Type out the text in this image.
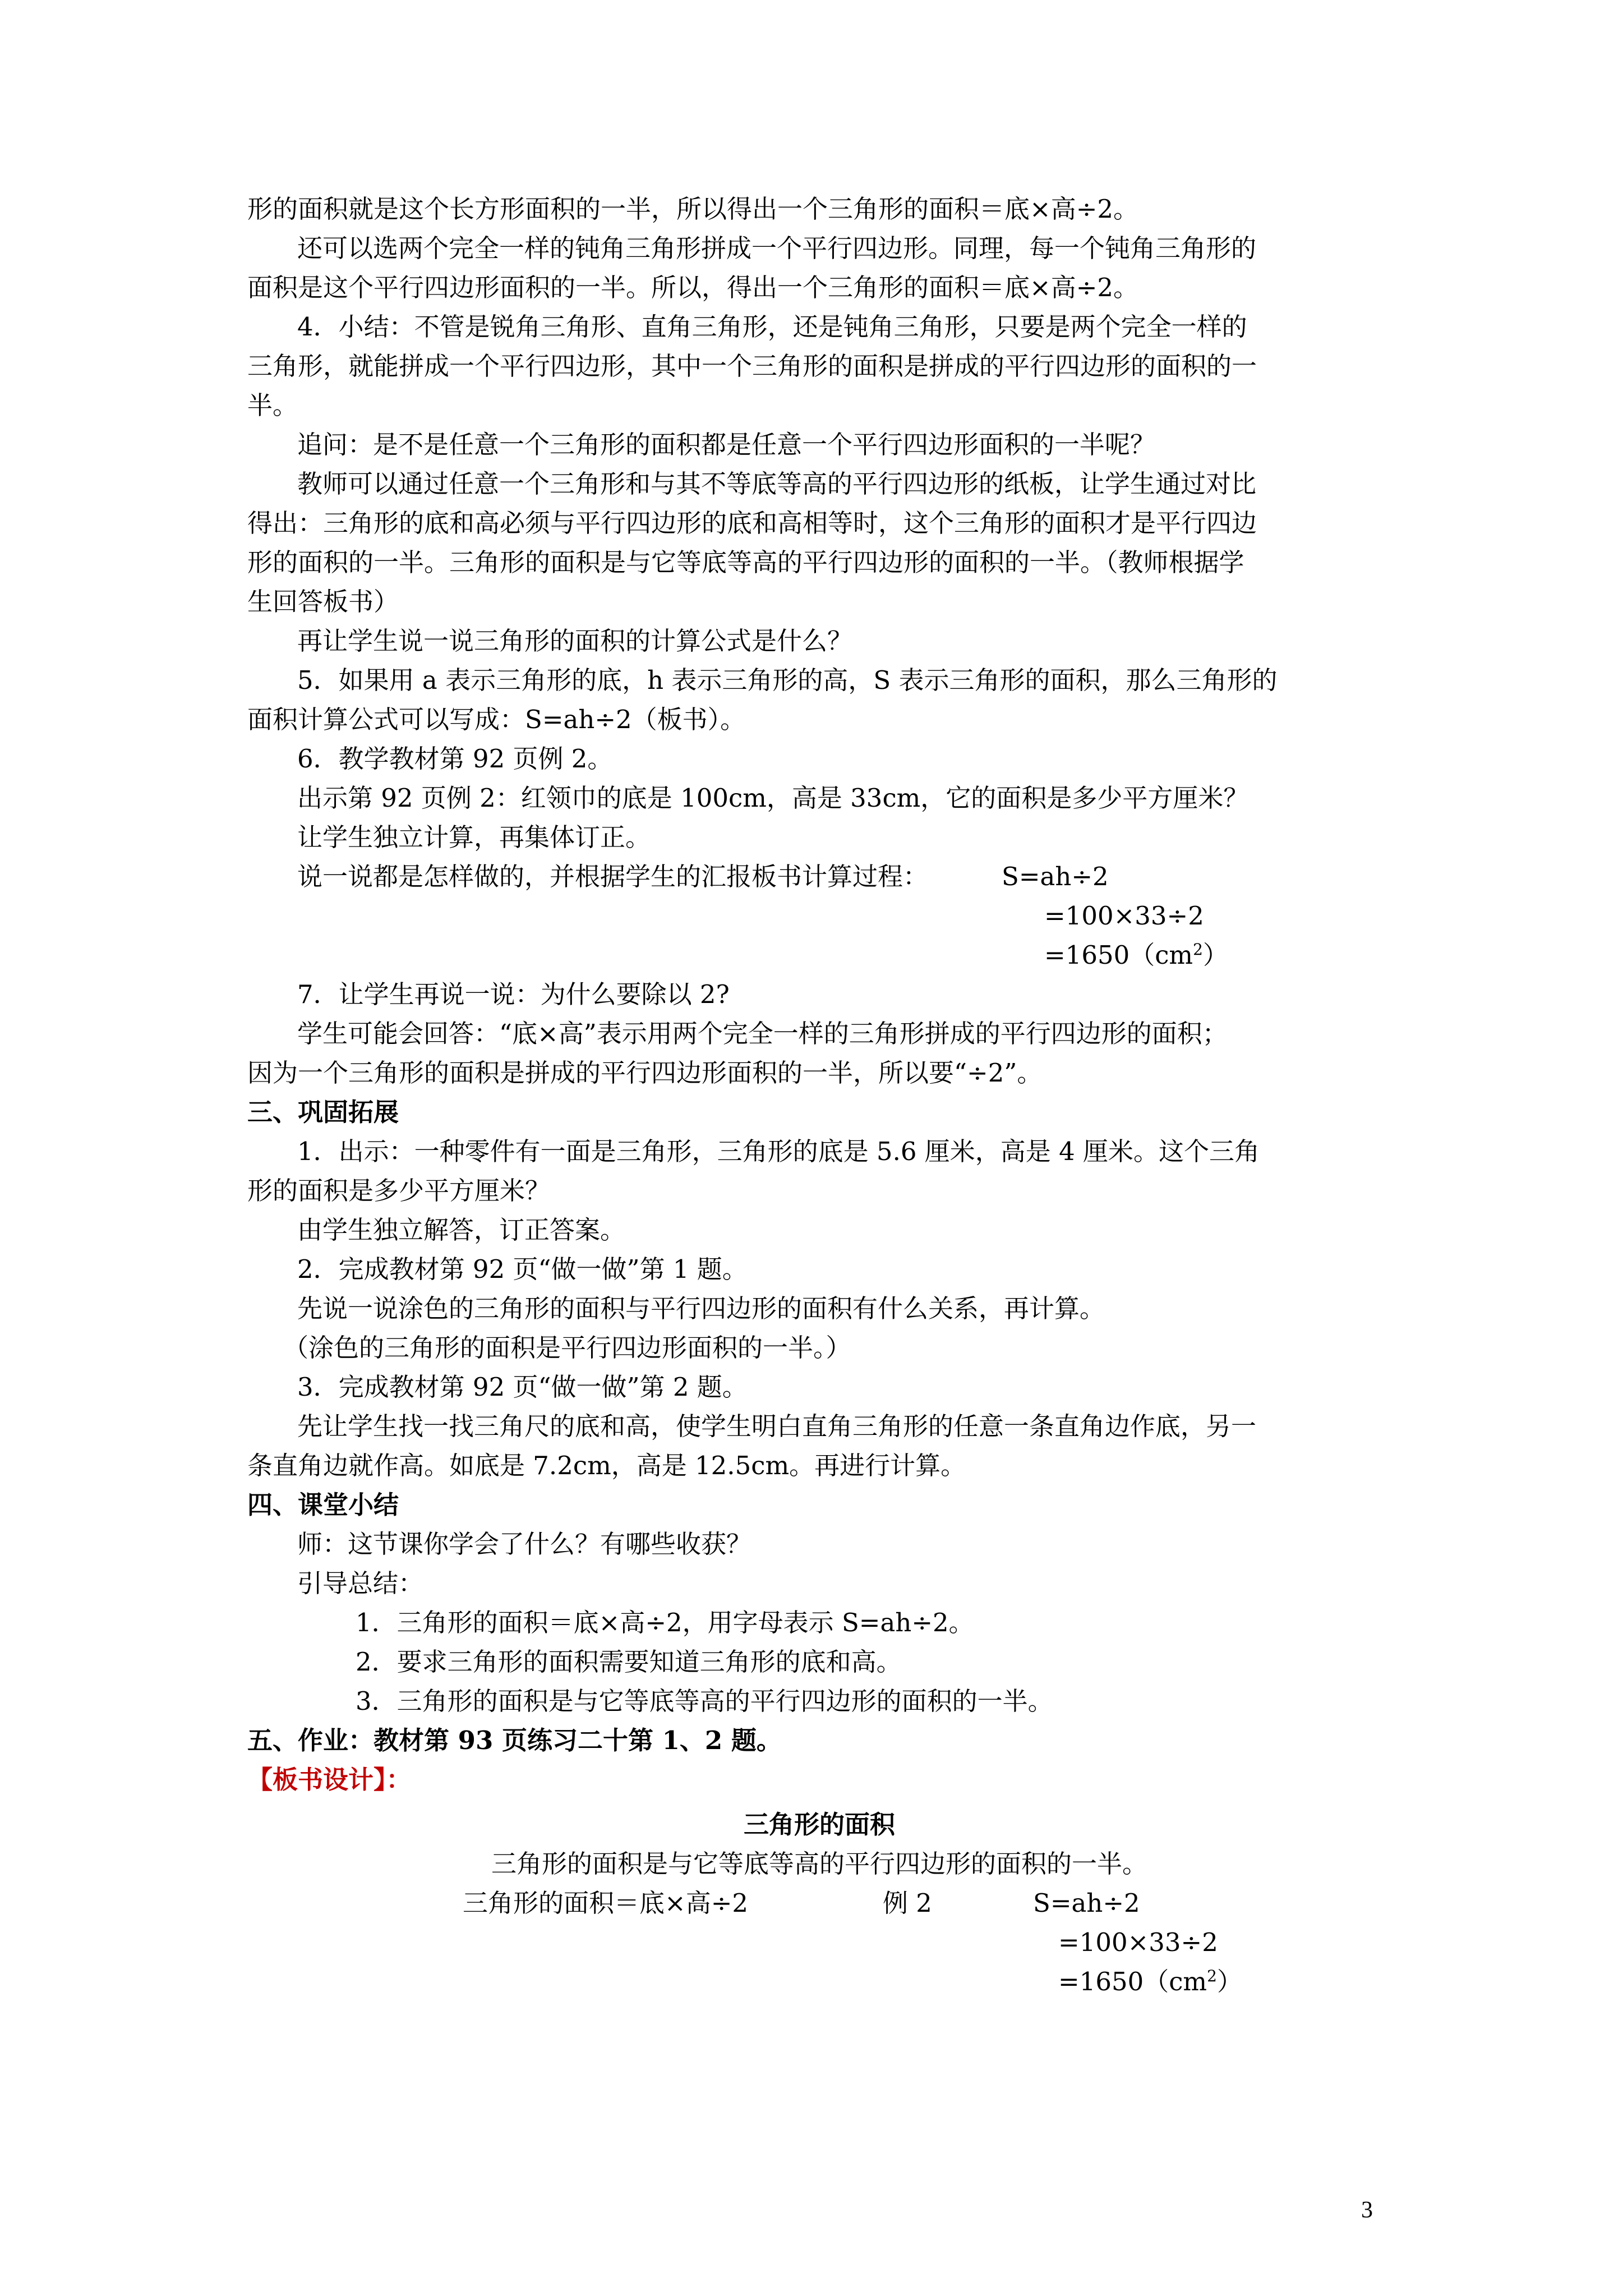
形的面积就是这个长方形面积的一半，所以得出一个三角形的面积＝底×高÷2。
还可以选两个完全一样的钝角三角形拼成一个平行四边形。同理，每一个钝角三角形的
面积是这个平行四边形面积的一半。所以，得出一个三角形的面积＝底×高÷2。
4．小结：不管是锐角三角形、直角三角形，还是钝角三角形，只要是两个完全一样的
三角形，就能拼成一个平行四边形，其中一个三角形的面积是拼成的平行四边形的面积的一
半。
追问：是不是任意一个三角形的面积都是任意一个平行四边形面积的一半呢？
教师可以通过任意一个三角形和与其不等底等高的平行四边形的纸板，让学生通过对比
得出：三角形的底和高必须与平行四边形的底和高相等时，这个三角形的面积才是平行四边
形的面积的一半。三角形的面积是与它等底等高的平行四边形的面积的一半。（教师根据学
生回答板书）
再让学生说一说三角形的面积的计算公式是什么？
5．如果用 a 表示三角形的底，h 表示三角形的高，S 表示三角形的面积，那么三角形的
面积计算公式可以写成：S=ah÷2（板书）。
6．教学教材第 92 页例 2。
出示第 92 页例 2：红领巾的底是 100cm，高是 33cm，它的面积是多少平方厘米？
让学生独立计算，再集体订正。
说一说都是怎样做的，并根据学生的汇报板书计算过程：	S=ah÷2
=100×33÷2
$=1650(cm^2)$
7．让学生再说一说：为什么要除以 2?
学生可能会回答：“底×高”表示用两个完全一样的三角形拼成的平行四边形的面积；
因为一个三角形的面积是拼成的平行四边形面积的一半，所以要“÷2”。
三、巩固拓展
1．出示：一种零件有一面是三角形，三角形的底是 5.6 厘米，高是 4 厘米。这个三角
形的面积是多少平方厘米？
由学生独立解答，订正答案。
2．完成教材第 92 页“做一做”第 1 题。
先说一说涂色的三角形的面积与平行四边形的面积有什么关系，再计算。
（涂色的三角形的面积是平行四边形面积的一半。）
3．完成教材第 92 页“做一做”第 2 题。
先让学生找一找三角尺的底和高，使学生明白直角三角形的任意一条直角边作底，另一
条直角边就作高。如底是 7.2cm，高是 12.5cm。再进行计算。
四、课堂小结
师：这节课你学会了什么？有哪些收获？
引导总结：
1．三角形的面积＝底×高÷2，用字母表示 S=ah÷2。
2．要求三角形的面积需要知道三角形的底和高。
3．三角形的面积是与它等底等高的平行四边形的面积的一半。
五、作业：教材第 93 页练习二十第 1、2 题。
【板书设计】：
三角形的面积
三角形的面积是与它等底等高的平行四边形的面积的一半。
三角形的面积＝底×高÷2	例 2	S=ah÷2
=100×33÷2
$=1650(cm^2)$
3
